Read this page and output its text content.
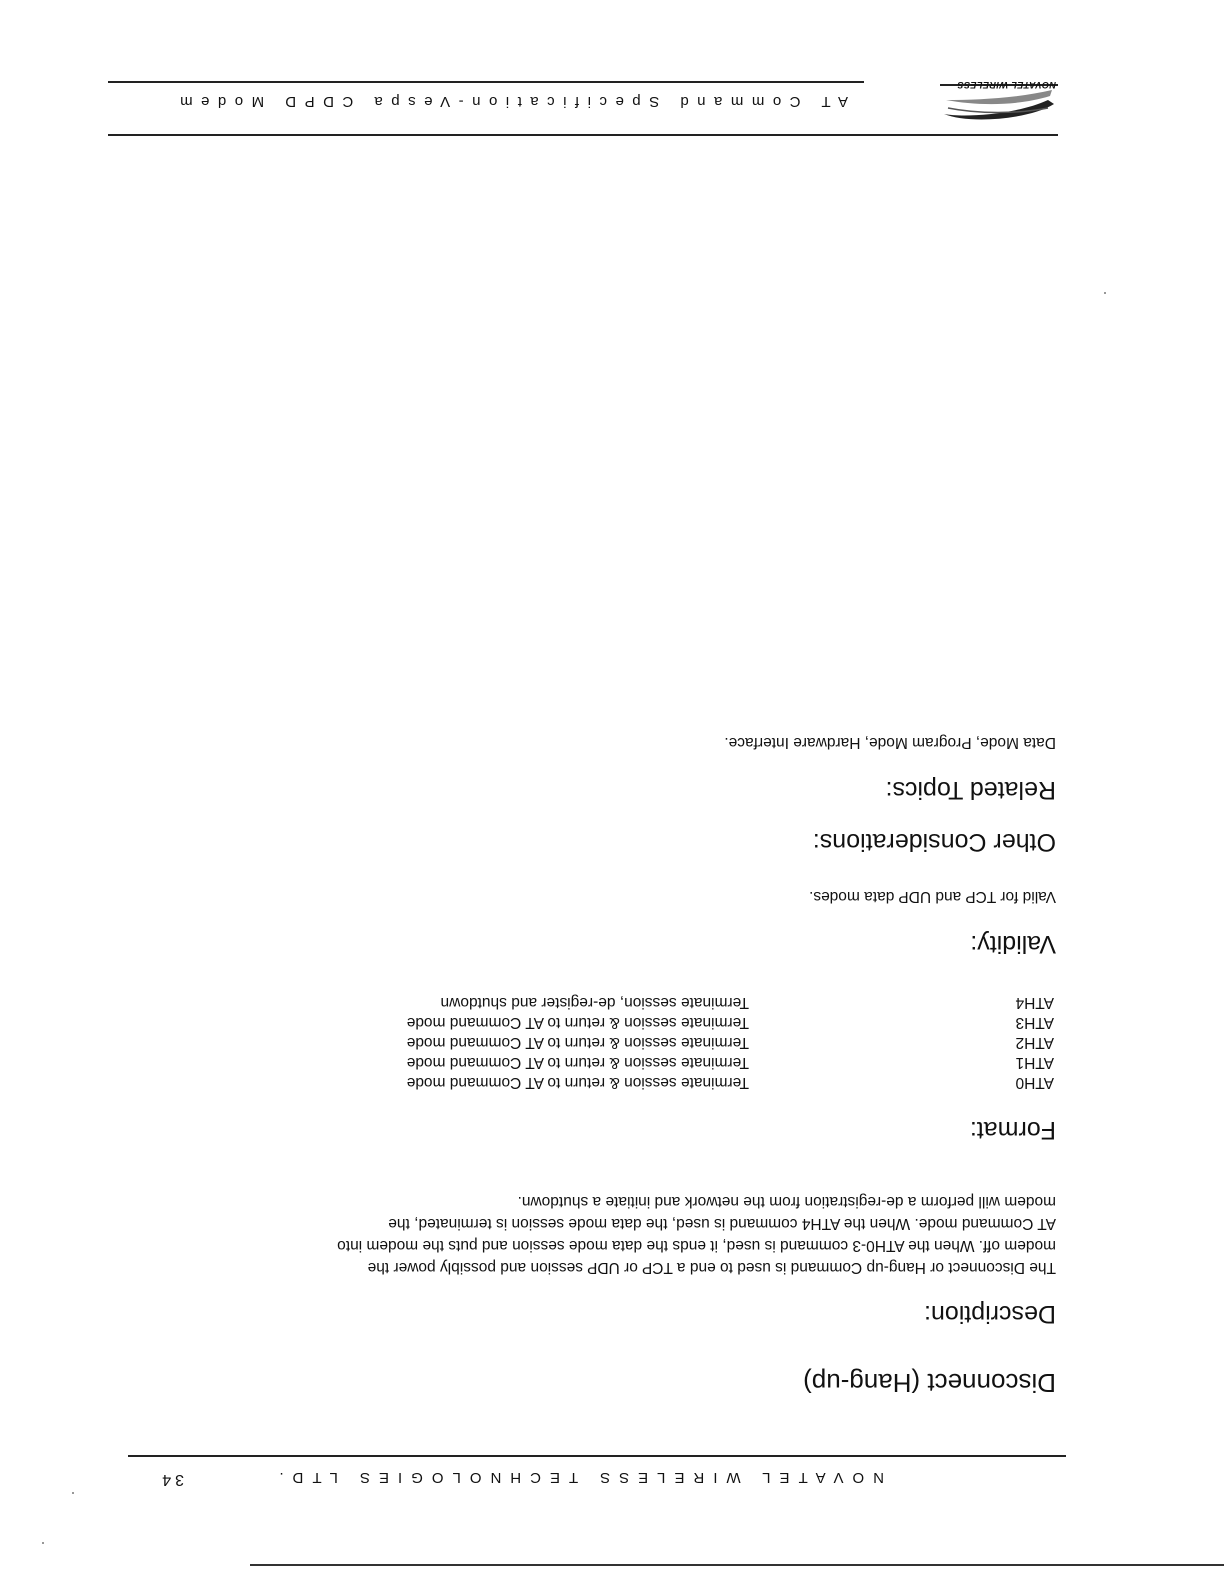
NOVATEL WIRELESS TECHNOLOGIES LTD.
34
Disconnect (Hang-up)
Description:
The Disconnect or Hang-up Command is used to end a TCP or UDP session and possibly power the
modem off. When the ATH0-3 command is used, it ends the data mode session and puts the modem into
AT Command mode. When the ATH4 command is used, the data mode session is terminated, the
modem will perform a de-registration from the network and initiate a shutdown.
Format:
ATH0
Terminate session & return to AT Command mode
ATH1
Terminate session & return to AT Command mode
ATH2
Terminate session & return to AT Command mode
ATH3
Terminate session & return to AT Command mode
ATH4
Terminate session, de-register and shutdown
Validity:
Valid for TCP and UDP data modes.
Other Considerations:
Related Topics:
Data Mode, Program Mode, Hardware Interface.
AT Command Specification-Vespa CDPD Modem
NOVATEL WIRELESS
